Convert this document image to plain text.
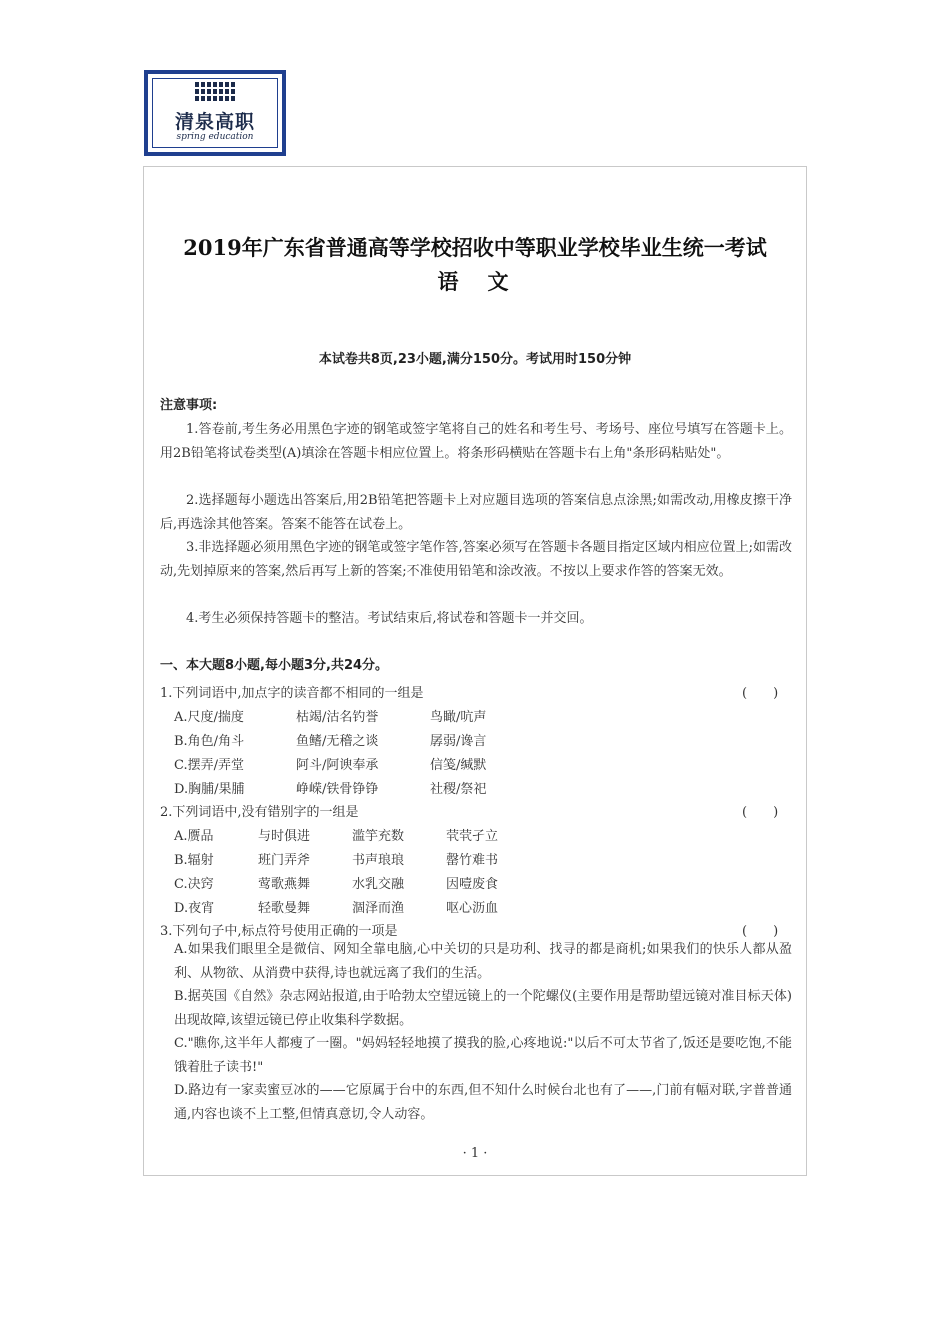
清泉高职
spring education
2019年广东省普通高等学校招收中等职业学校毕业生统一考试
语　文
本试卷共8页,23小题,满分150分。考试用时150分钟
注意事项:
1.答卷前,考生务必用黑色字迹的钢笔或签字笔将自己的姓名和考生号、考场号、座位号填写在答题卡上。用2B铅笔将试卷类型(A)填涂在答题卡相应位置上。将条形码横贴在答题卡右上角"条形码粘贴处"。
2.选择题每小题选出答案后,用2B铅笔把答题卡上对应题目选项的答案信息点涂黑;如需改动,用橡皮擦干净后,再选涂其他答案。答案不能答在试卷上。
3.非选择题必须用黑色字迹的钢笔或签字笔作答,答案必须写在答题卡各题目指定区域内相应位置上;如需改动,先划掉原来的答案,然后再写上新的答案;不准使用铅笔和涂改液。不按以上要求作答的答案无效。
4.考生必须保持答题卡的整洁。考试结束后,将试卷和答题卡一并交回。
一、本大题8小题,每小题3分,共24分。
1.下列词语中,加点字的读音都不相同的一组是	(　　)
A.尺度/揣度	枯竭/沽名钓誉	鸟瞰/吭声
B.角色/角斗	鱼鳍/无稽之谈	孱弱/谗言
C.摆弄/弄堂	阿斗/阿谀奉承	信笺/缄默
D.胸脯/果脯	峥嵘/铁骨铮铮	社稷/祭祀
2.下列词语中,没有错别字的一组是	(　　)
A.赝品	与时俱进	滥竽充数	茕茕孑立
B.辐射	班门弄斧	书声琅琅	罄竹难书
C.决窍	莺歌燕舞	水乳交融	因噎废食
D.夜宵	轻歌曼舞	涸泽而渔	呕心沥血
3.下列句子中,标点符号使用正确的一项是	(　　)
A.如果我们眼里全是微信、网知全靠电脑,心中关切的只是功利、找寻的都是商机;如果我们的快乐人都从盈利、从物欲、从消费中获得,诗也就远离了我们的生活。
B.据英国《自然》杂志网站报道,由于哈勃太空望远镜上的一个陀螺仪(主要作用是帮助望远镜对准目标天体)出现故障,该望远镜已停止收集科学数据。
C."瞧你,这半年人都瘦了一圈。"妈妈轻轻地摸了摸我的脸,心疼地说:"以后不可太节省了,饭还是要吃饱,不能饿着肚子读书!"
D.路边有一家卖蜜豆冰的——它原属于台中的东西,但不知什么时候台北也有了——,门前有幅对联,字普普通通,内容也谈不上工整,但情真意切,令人动容。
· 1 ·
